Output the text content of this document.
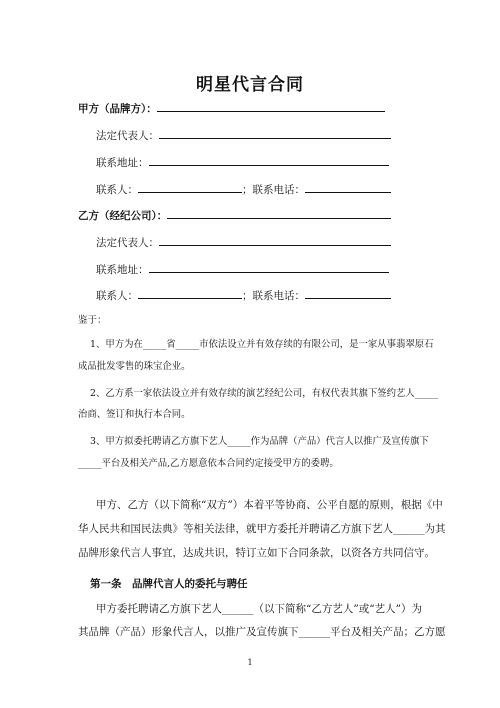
明星代言合同
甲方（品牌方）：
法定代表人：
联系地址：
联系人：	；联系电话：
乙方（经纪公司）：
法定代表人：
联系地址：
联系人：	；联系电话：
鉴于：
1、甲方为在_____省_____市依法设立并有效存续的有限公司，是一家从事翡翠原石
成品批发零售的珠宝企业。
2、乙方系一家依法设立并有效存续的演艺经纪公司，有权代表其旗下签约艺人_____
治商、签订和执行本合同。
3、甲方拟委托聘请乙方旗下艺人_____作为品牌（产品）代言人以推广及宣传旗下
_____平台及相关产品,乙方愿意依本合同约定接受甲方的委聘。
甲方、乙方（以下简称“双方”）本着平等协商、公平自愿的原则，根据《中
华人民共和国民法典》等相关法律，就甲方委托并聘请乙方旗下艺人______为其
品牌形象代言人事宜，达成共识，特订立如下合同条款，以资各方共同信守。
第一条　品牌代言人的委托与聘任
甲方委托聘请乙方旗下艺人______（以下简称“乙方艺人”或“艺人”）为
其品牌（产品）形象代言人，以推广及宣传旗下______平台及相关产品；乙方愿
1
